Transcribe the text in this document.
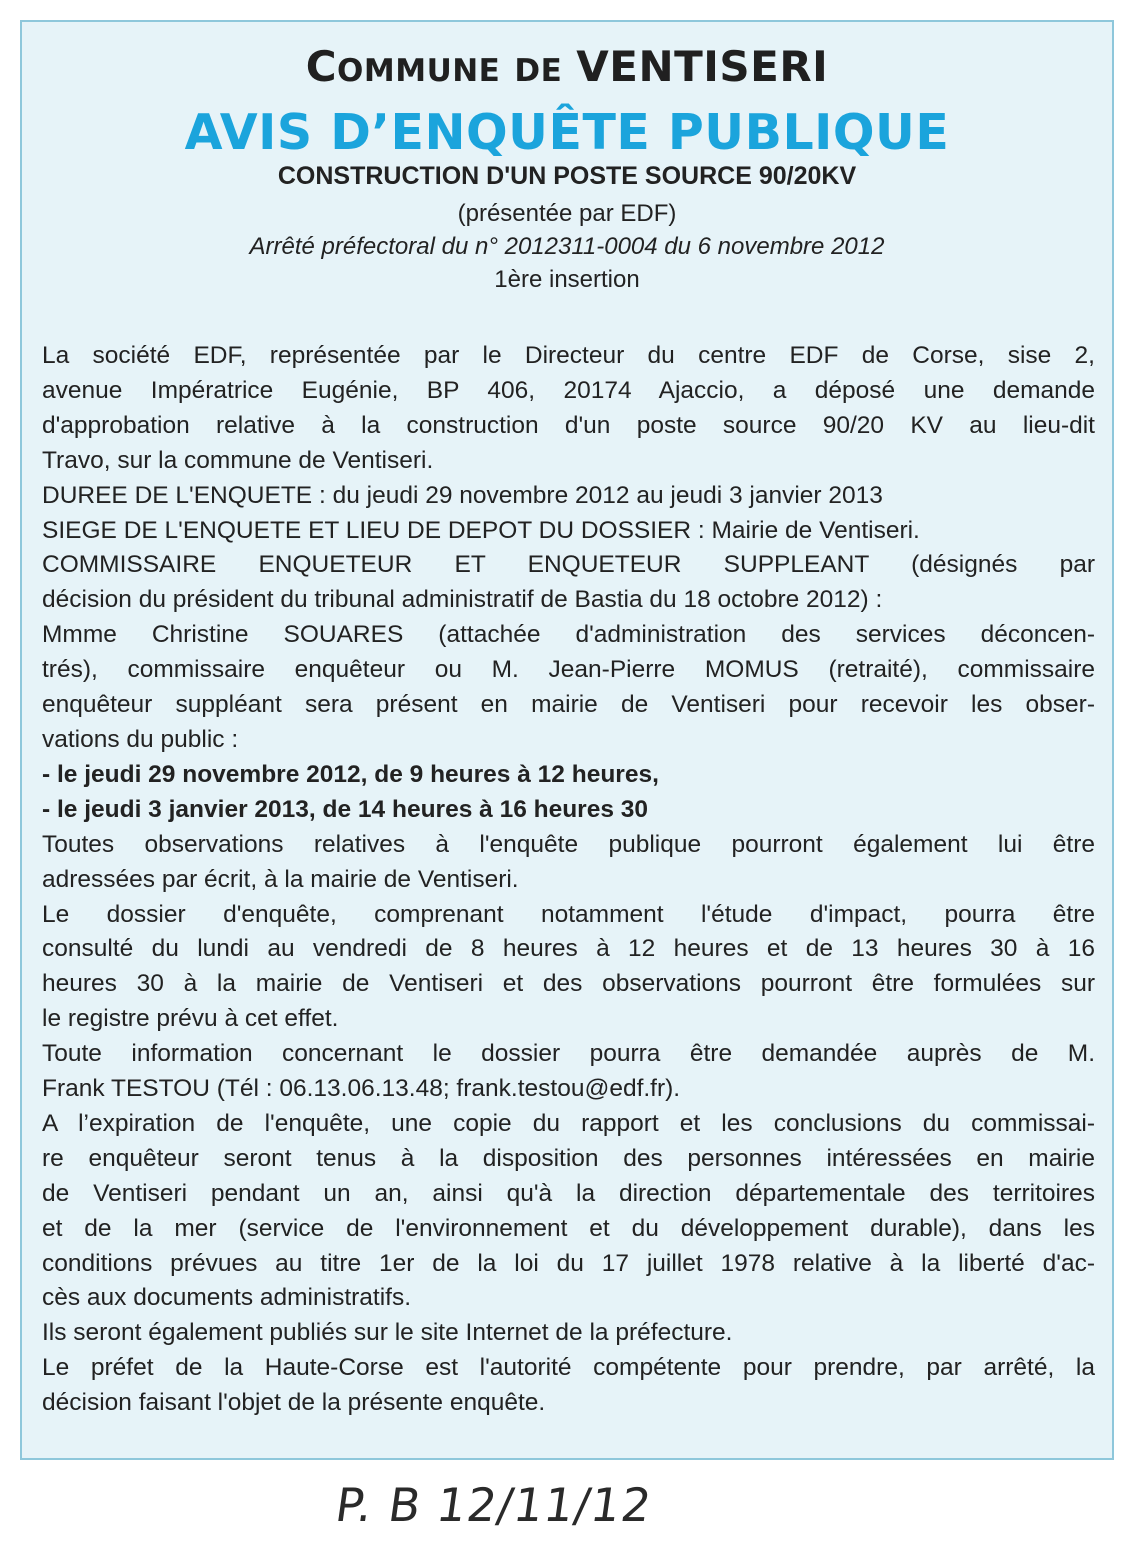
COMMUNE DE VENTISERI
AVIS D’ENQUÊTE PUBLIQUE
CONSTRUCTION D'UN POSTE SOURCE 90/20KV
(présentée par EDF)
Arrêté préfectoral du n° 2012311-0004 du 6 novembre 2012
1ère insertion

La société EDF, représentée par le Directeur du centre EDF de Corse, sise 2,

avenue Impératrice Eugénie, BP 406, 20174 Ajaccio, a déposé une demande

d'approbation relative à la construction d'un poste source 90/20 KV au lieu-dit

Travo, sur la commune de Ventiseri.

DUREE DE L'ENQUETE : du jeudi 29 novembre 2012 au jeudi 3 janvier 2013

SIEGE DE L'ENQUETE ET LIEU DE DEPOT DU DOSSIER : Mairie de Ventiseri.

COMMISSAIRE ENQUETEUR ET ENQUETEUR SUPPLEANT (désignés par

décision du président du tribunal administratif de Bastia du 18 octobre 2012) :

Mmme Christine SOUARES (attachée d'administration des services déconcen-

trés), commissaire enquêteur ou M. Jean-Pierre MOMUS (retraité), commissaire

enquêteur suppléant sera présent en mairie de Ventiseri pour recevoir les obser-

vations du public :

- le jeudi 29 novembre 2012, de 9 heures à 12 heures,

- le jeudi 3 janvier 2013, de 14 heures à 16 heures 30

Toutes observations relatives à l'enquête publique pourront également lui être

adressées par écrit, à la mairie de Ventiseri.

Le dossier d'enquête, comprenant notamment l'étude d'impact, pourra être

consulté du lundi au vendredi de 8 heures à 12 heures et de 13 heures 30 à 16

heures 30 à la mairie de Ventiseri et des observations pourront être formulées sur

le registre prévu à cet effet.

Toute information concernant le dossier pourra être demandée auprès de M.

Frank TESTOU (Tél : 06.13.06.13.48; frank.testou@edf.fr).

A l’expiration de l'enquête, une copie du rapport et les conclusions du commissai-

re enquêteur seront tenus à la disposition des personnes intéressées en mairie

de Ventiseri pendant un an, ainsi qu'à la direction départementale des territoires

et de la mer (service de l'environnement et du développement durable), dans les

conditions prévues au titre 1er de la loi du 17 juillet 1978 relative à la liberté d'ac-

cès aux documents administratifs.

Ils seront également publiés sur le site Internet de la préfecture.

Le préfet de la Haute-Corse est l'autorité compétente pour prendre, par arrêté, la

décision faisant l'objet de la présente enquête.

P. B 12/11/12
